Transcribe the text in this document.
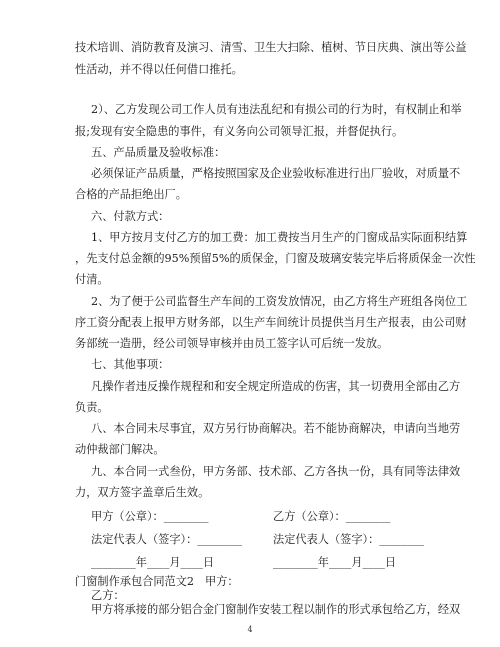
技术培训、消防教育及演习、清雪、卫生大扫除、植树、节日庆典、演出等公益
性活动，并不得以任何借口推托。
2）、乙方发现公司工作人员有违法乱纪和有损公司的行为时，有权制止和举
报;发现有安全隐患的事件，有义务向公司领导汇报，并督促执行。
五、产品质量及验收标准：
必须保证产品质量，严格按照国家及企业验收标准进行出厂验收，对质量不
合格的产品拒绝出厂。
六、付款方式：
1、甲方按月支付乙方的加工费：加工费按当月生产的门窗成品实际面积结算
，先支付总金额的95%预留5%的质保金，门窗及玻璃安装完毕后将质保金一次性
付清。
2、为了便于公司监督生产车间的工资发放情况，由乙方将生产班组各岗位工
序工资分配表上报甲方财务部，以生产车间统计员提供当月生产报表，由公司财
务部统一造册，经公司领导审核并由员工签字认可后统一发放。
七、其他事项：
凡操作者违反操作规程和和安全规定所造成的伤害，其一切费用全部由乙方
负责。
八、本合同未尽事宜，双方另行协商解决。若不能协商解决，申请向当地劳
动仲裁部门解决。
九、本合同一式叁份，甲方务部、技术部、乙方各执一份，具有同等法律效
力，双方签字盖章后生效。
甲方（公章）：________	乙方（公章）：________
法定代表人（签字）：________	法定代表人（签字）：________
________年____月____日	________年____月____日
门窗制作承包合同范文2 甲方：
乙方：
甲方将承接的部分铝合金门窗制作安装工程以制作的形式承包给乙方，经双
4
